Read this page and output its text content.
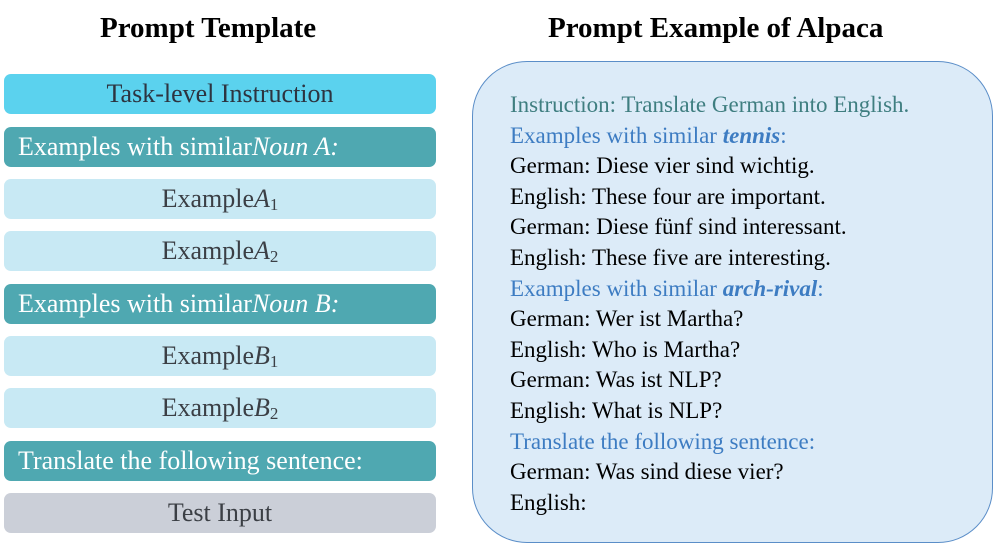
Prompt Template	Prompt Example of Alpaca
Task-level Instruction
Examples with similar Noun A :
Example A 1
Example A 2
Examples with similar Noun B :
Example B 1
Example B 2
Translate the following sentence:
Test Input
Instruction: Translate German into English.
Examples with similar tennis:
German: Diese vier sind wichtig.
English: These four are important.
German: Diese fünf sind interessant.
English: These five are interesting.
Examples with similar arch-rival:
German: Wer ist Martha?
English: Who is Martha?
German: Was ist NLP?
English: What is NLP?
Translate the following sentence:
German: Was sind diese vier?
English:
